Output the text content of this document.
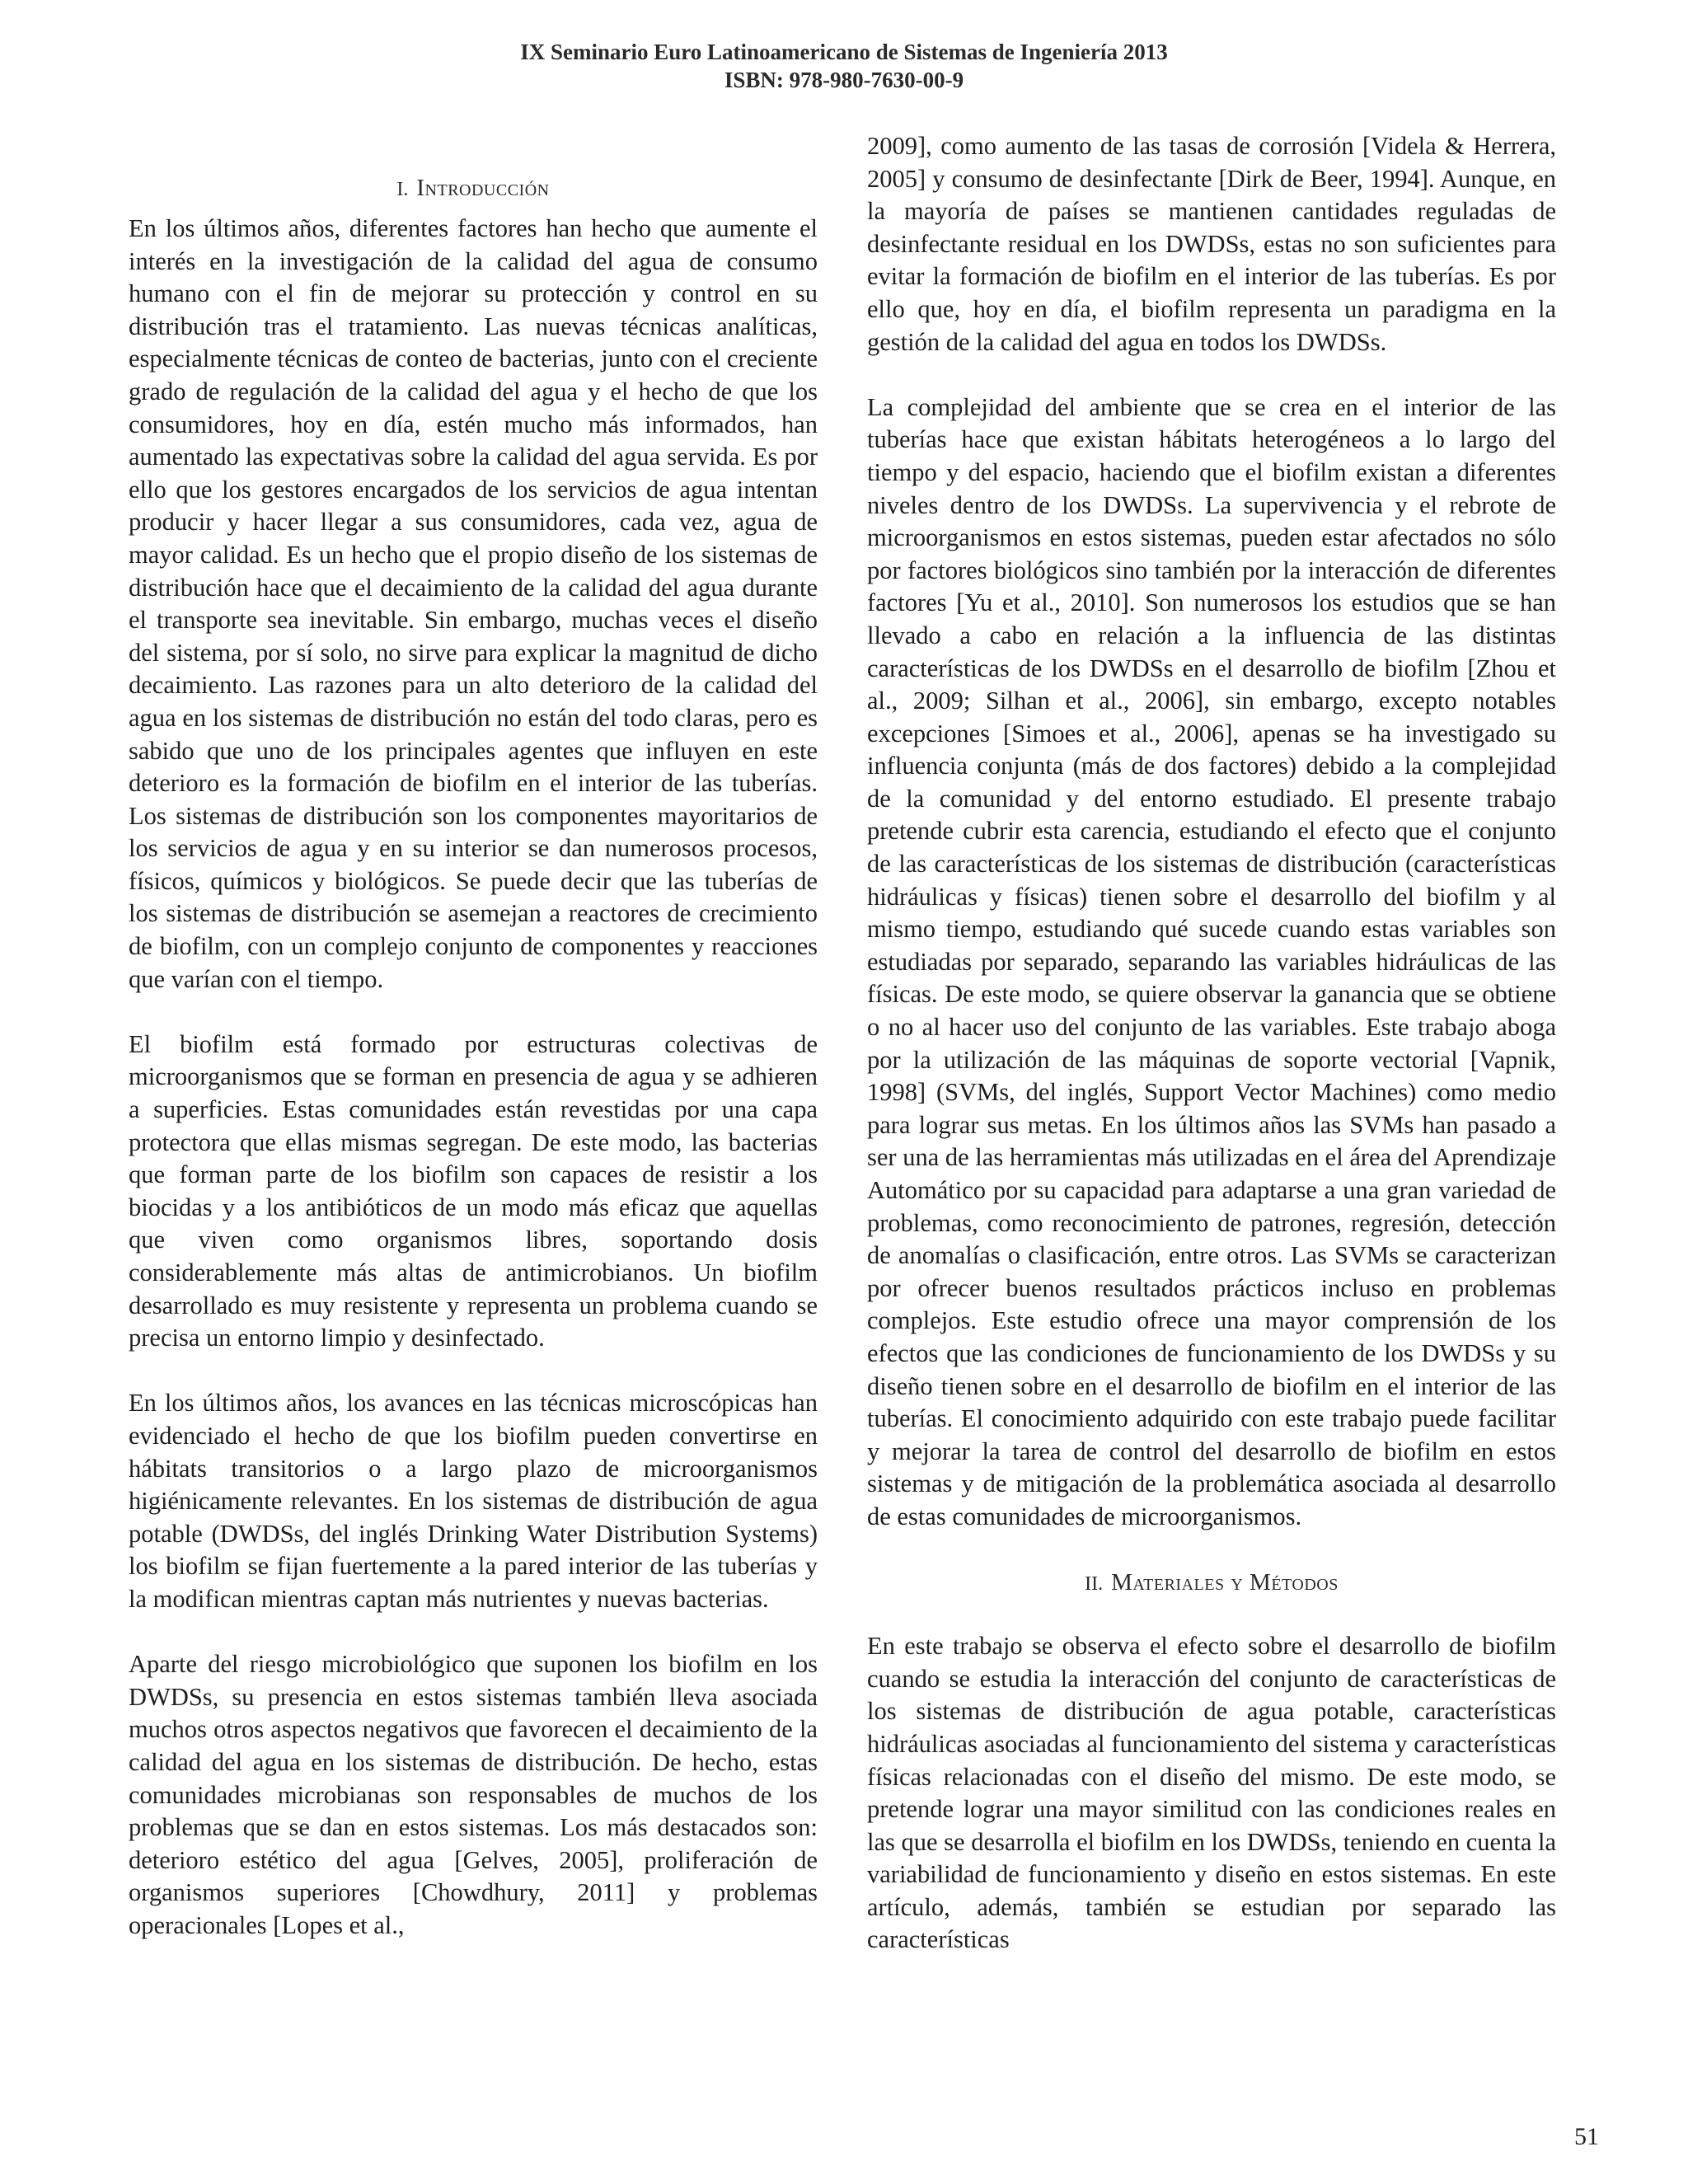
IX Seminario Euro Latinoamericano de Sistemas de Ingeniería 2013
ISBN: 978-980-7630-00-9
I. Introducción

En los últimos años, diferentes factores han hecho que aumente el interés en la investigación de la calidad del agua de consumo humano con el fin de mejorar su protección y control en su distribución tras el tratamiento. Las nuevas técnicas analíticas, especialmente técnicas de conteo de bacterias, junto con el creciente grado de regulación de la calidad del agua y el hecho de que los consumidores, hoy en día, estén mucho más informados, han aumentado las expectativas sobre la calidad del agua servida. Es por ello que los gestores encargados de los servicios de agua intentan producir y hacer llegar a sus consumidores, cada vez, agua de mayor calidad. Es un hecho que el propio diseño de los sistemas de distribución hace que el decaimiento de la calidad del agua durante el transporte sea inevitable. Sin embargo, muchas veces el diseño del sistema, por sí solo, no sirve para explicar la magnitud de dicho decaimiento. Las razones para un alto deterioro de la calidad del agua en los sistemas de distribución no están del todo claras, pero es sabido que uno de los principales agentes que influyen en este deterioro es la formación de biofilm en el interior de las tuberías. Los sistemas de distribución son los componentes mayoritarios de los servicios de agua y en su interior se dan numerosos procesos, físicos, químicos y biológicos. Se puede decir que las tuberías de los sistemas de distribución se asemejan a reactores de crecimiento de biofilm, con un complejo conjunto de componentes y reacciones que varían con el tiempo.

El biofilm está formado por estructuras colectivas de microorganismos que se forman en presencia de agua y se adhieren a superficies. Estas comunidades están revestidas por una capa protectora que ellas mismas segregan. De este modo, las bacterias que forman parte de los biofilm son capaces de resistir a los biocidas y a los antibióticos de un modo más eficaz que aquellas que viven como organismos libres, soportando dosis considerablemente más altas de antimicrobianos. Un biofilm desarrollado es muy resistente y representa un problema cuando se precisa un entorno limpio y desinfectado.

En los últimos años, los avances en las técnicas microscópicas han evidenciado el hecho de que los biofilm pueden convertirse en hábitats transitorios o a largo plazo de microorganismos higiénicamente relevantes. En los sistemas de distribución de agua potable (DWDSs, del inglés Drinking Water Distribution Systems) los biofilm se fijan fuertemente a la pared interior de las tuberías y la modifican mientras captan más nutrientes y nuevas bacterias.

Aparte del riesgo microbiológico que suponen los biofilm en los DWDSs, su presencia en estos sistemas también lleva asociada muchos otros aspectos negativos que favorecen el decaimiento de la calidad del agua en los sistemas de distribución. De hecho, estas comunidades microbianas son responsables de muchos de los problemas que se dan en estos sistemas. Los más destacados son: deterioro estético del agua [Gelves, 2005], proliferación de organismos superiores [Chowdhury, 2011] y problemas operacionales [Lopes et al.,

2009], como aumento de las tasas de corrosión [Videla & Herrera, 2005] y consumo de desinfectante [Dirk de Beer, 1994]. Aunque, en la mayoría de países se mantienen cantidades reguladas de desinfectante residual en los DWDSs, estas no son suficientes para evitar la formación de biofilm en el interior de las tuberías. Es por ello que, hoy en día, el biofilm representa un paradigma en la gestión de la calidad del agua en todos los DWDSs.

La complejidad del ambiente que se crea en el interior de las tuberías hace que existan hábitats heterogéneos a lo largo del tiempo y del espacio, haciendo que el biofilm existan a diferentes niveles dentro de los DWDSs. La supervivencia y el rebrote de microorganismos en estos sistemas, pueden estar afectados no sólo por factores biológicos sino también por la interacción de diferentes factores [Yu et al., 2010]. Son numerosos los estudios que se han llevado a cabo en relación a la influencia de las distintas características de los DWDSs en el desarrollo de biofilm [Zhou et al., 2009; Silhan et al., 2006], sin embargo, excepto notables excepciones [Simoes et al., 2006], apenas se ha investigado su influencia conjunta (más de dos factores) debido a la complejidad de la comunidad y del entorno estudiado. El presente trabajo pretende cubrir esta carencia, estudiando el efecto que el conjunto de las características de los sistemas de distribución (características hidráulicas y físicas) tienen sobre el desarrollo del biofilm y al mismo tiempo, estudiando qué sucede cuando estas variables son estudiadas por separado, separando las variables hidráulicas de las físicas. De este modo, se quiere observar la ganancia que se obtiene o no al hacer uso del conjunto de las variables. Este trabajo aboga por la utilización de las máquinas de soporte vectorial [Vapnik, 1998] (SVMs, del inglés, Support Vector Machines) como medio para lograr sus metas. En los últimos años las SVMs han pasado a ser una de las herramientas más utilizadas en el área del Aprendizaje Automático por su capacidad para adaptarse a una gran variedad de problemas, como reconocimiento de patrones, regresión, detección de anomalías o clasificación, entre otros. Las SVMs se caracterizan por ofrecer buenos resultados prácticos incluso en problemas complejos. Este estudio ofrece una mayor comprensión de los efectos que las condiciones de funcionamiento de los DWDSs y su diseño tienen sobre en el desarrollo de biofilm en el interior de las tuberías. El conocimiento adquirido con este trabajo puede facilitar y mejorar la tarea de control del desarrollo de biofilm en estos sistemas y de mitigación de la problemática asociada al desarrollo de estas comunidades de microorganismos.

II. Materiales y Métodos

En este trabajo se observa el efecto sobre el desarrollo de biofilm cuando se estudia la interacción del conjunto de características de los sistemas de distribución de agua potable, características hidráulicas asociadas al funcionamiento del sistema y características físicas relacionadas con el diseño del mismo. De este modo, se pretende lograr una mayor similitud con las condiciones reales en las que se desarrolla el biofilm en los DWDSs, teniendo en cuenta la variabilidad de funcionamiento y diseño en estos sistemas. En este artículo, además, también se estudian por separado las características

51
